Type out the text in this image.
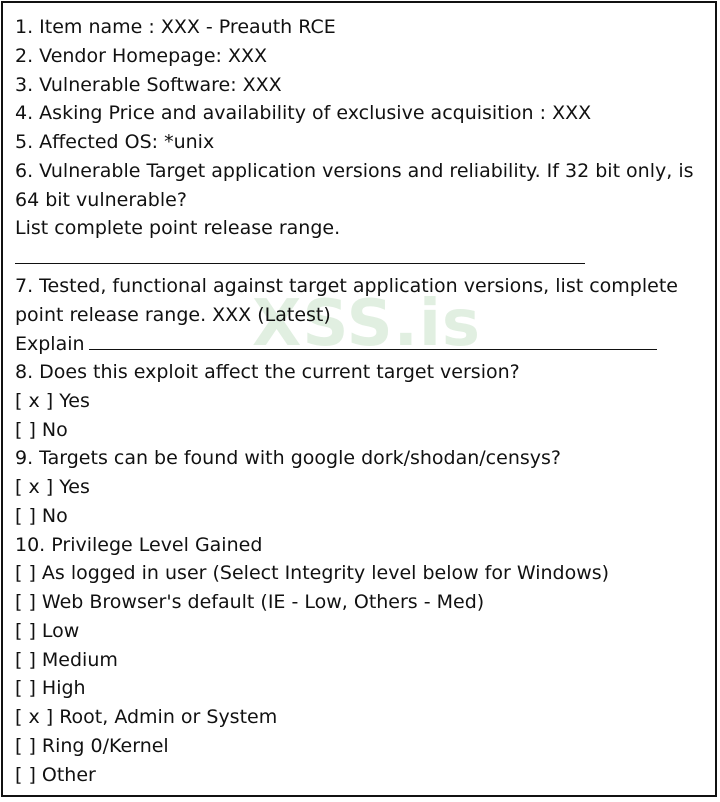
XSS.is
1. Item name : XXX - Preauth RCE
2. Vendor Homepage: XXX
3. Vulnerable Software: XXX
4. Asking Price and availability of exclusive acquisition : XXX
5. Affected OS: *unix
6. Vulnerable Target application versions and reliability. If 32 bit only, is
64 bit vulnerable?
List complete point release range.
7. Tested, functional against target application versions, list complete
point release range. XXX (Latest)
Explain
8. Does this exploit affect the current target version?
[ x ] Yes
[ ] No
9. Targets can be found with google dork/shodan/censys?
[ x ] Yes
[ ] No
10. Privilege Level Gained
[ ] As logged in user (Select Integrity level below for Windows)
[ ] Web Browser's default (IE - Low, Others - Med)
[ ] Low
[ ] Medium
[ ] High
[ x ] Root, Admin or System
[ ] Ring 0/Kernel
[ ] Other
